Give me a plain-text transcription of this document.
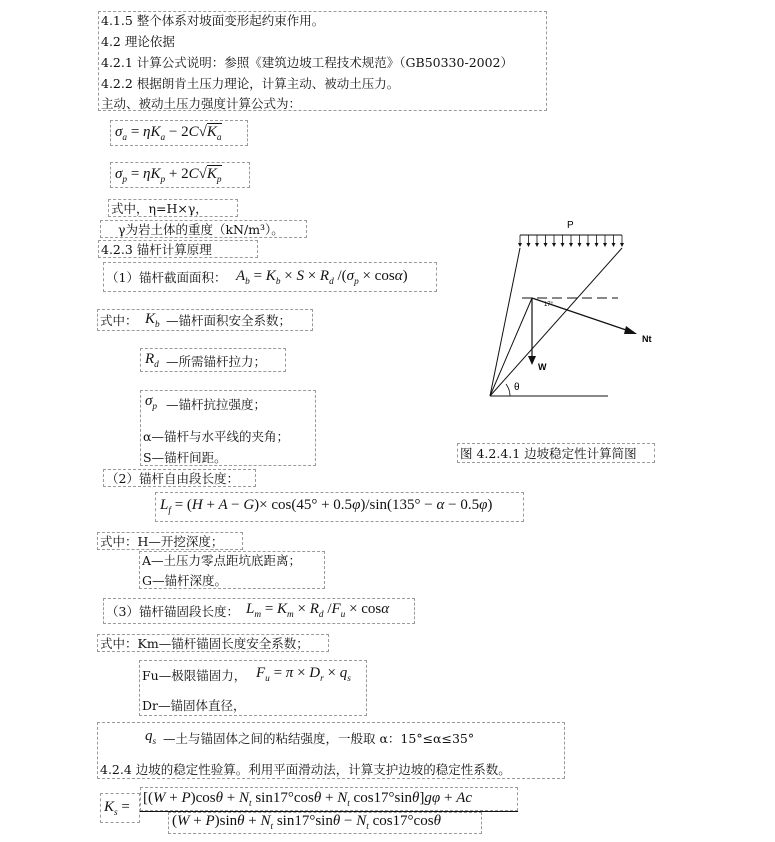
4.1.5 整个体系对坡面变形起约束作用。
4.2 理论依据
4.2.1 计算公式说明：参照《建筑边坡工程技术规范》（GB50330-2002）
4.2.2 根据朗肯土压力理论，计算主动、被动土压力。
主动、被动土压力强度计算公式为：
$\sigma_a = \eta K_a - 2C√K_a$
$\sigma_p = \eta K_p + 2C√K_p$
式中，η=H×γ，
γ为岩土体的重度（kN/m³）。
4.2.3 锚杆计算原理
（1）锚杆截面面积： $A_b = K_b \times S \times R_d$ $/(\sigma_p \times \cos\alpha)$
式中： $K_b$ —锚杆面积安全系数；
$R_d$ —所需锚杆拉力；
$\sigma_p$ —锚杆抗拉强度；
α—锚杆与水平线的夹角；
S—锚杆间距。
（2）锚杆自由段长度：
$L_f = (H + A - G)\times \cos(45^\circ + 0.5\varphi)/\sin(135^\circ - \alpha - 0.5\varphi)$
式中：H—开挖深度；
A—土压力零点距坑底距离；
G—锚杆深度。
（3）锚杆锚固段长度： $L_m = K_m \times R_d$ $/F_u \times \cos\alpha$
式中：Km—锚杆锚固长度安全系数；
Fu—极限锚固力， $F_u = \pi \times D_r \times q_s$
Dr—锚固体直径，
$q_s$ —土与锚固体之间的粘结强度，一般取 α：15°≤α≤35°
4.2.4 边坡的稳定性验算。利用平面滑动法，计算支护边坡的稳定性系数。
$K_s$ =
[$(W + P)\cos\theta + N_t$ $\sin 17^\circ\cos\theta + N_t$ cos17°sinθ]gφ + Ac
$(W + P)\sin\theta + N_t$ $\sin 17^\circ\sin\theta - N_t$ cos17°cosθ
P
W
Nt
17°
θ
图 4.2.4.1 边坡稳定性计算简图
